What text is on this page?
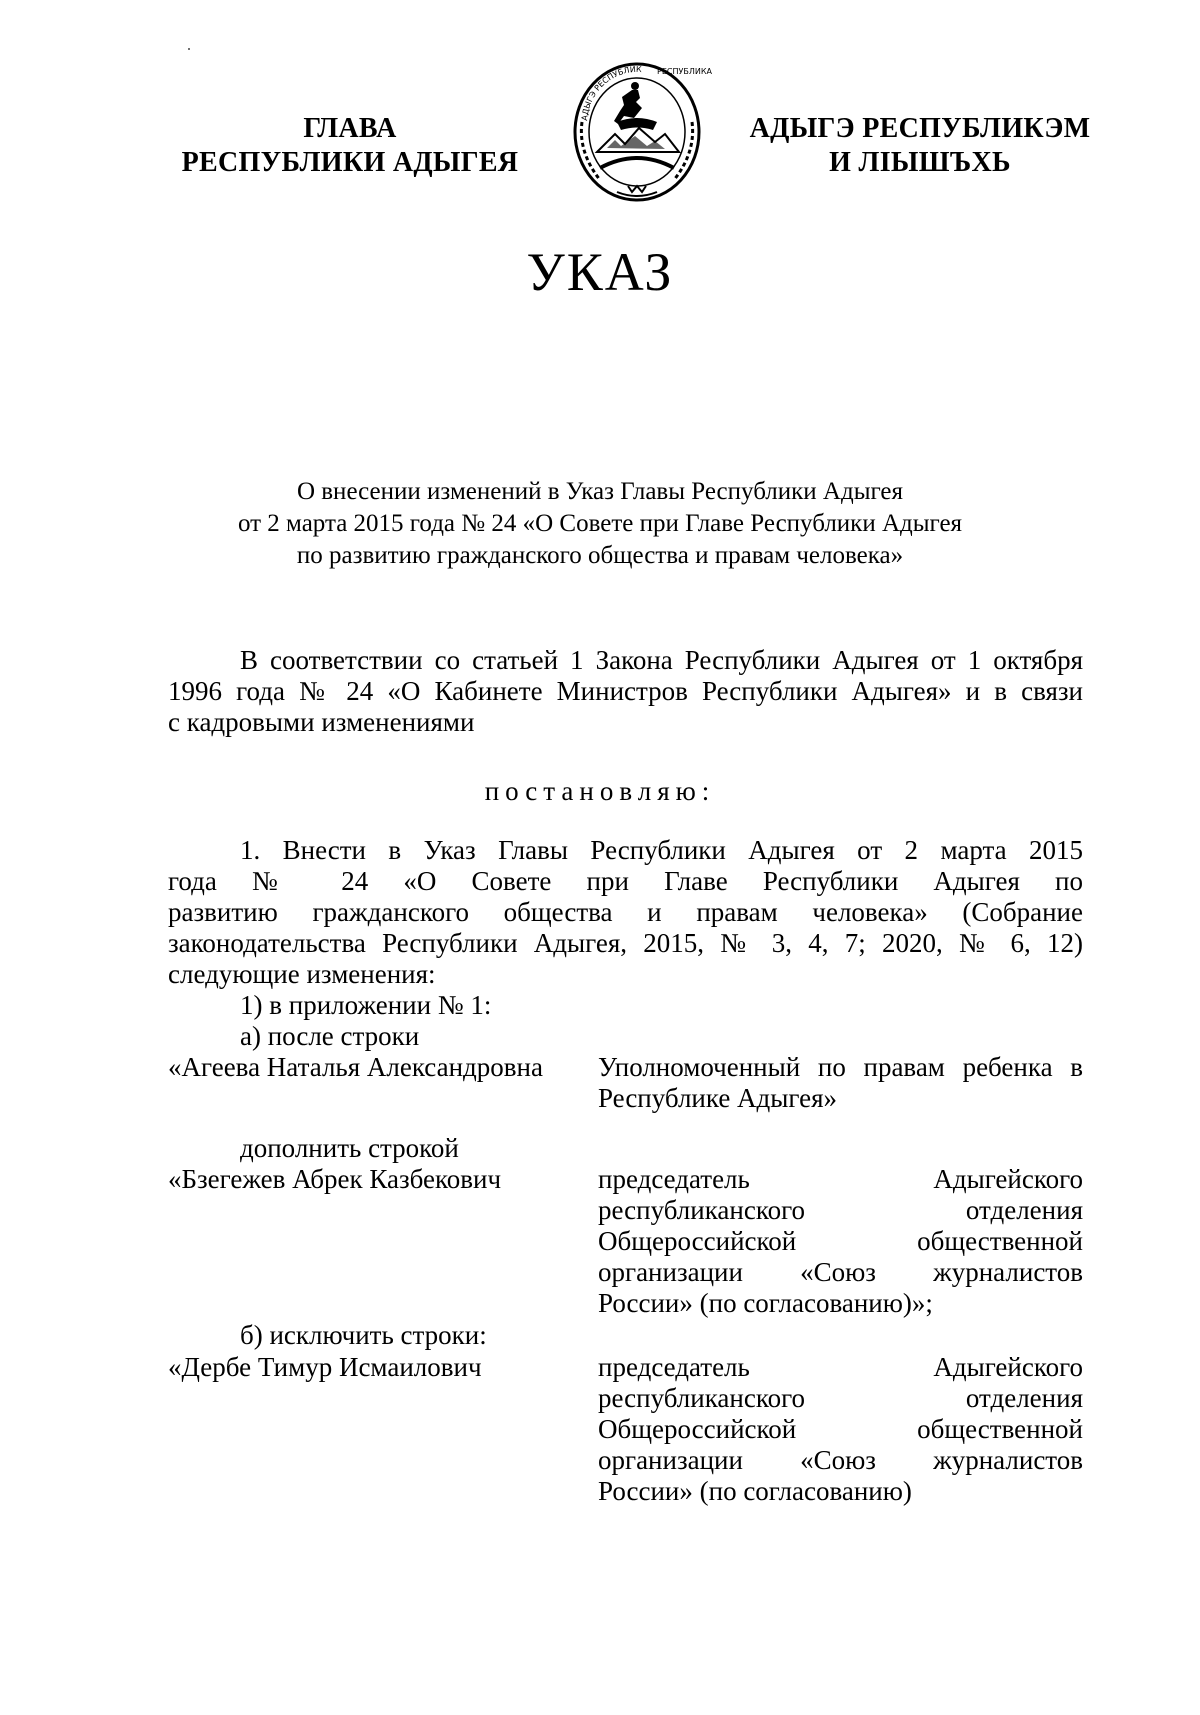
ГЛАВА
РЕСПУБЛИКИ АДЫГЕЯ
АДЫГЭ РЕСПУБЛИК РЕСПУБЛИКА
АДЫГЭ РЕСПУБЛИКЭМ
И ЛІЫШЪХЬ
УКАЗ
О внесении изменений в Указ Главы Республики Адыгея
от 2 марта 2015 года № 24 «О Совете при Главе Республики Адыгея
по развитию гражданского общества и правам человека»
В соответствии со статьей 1 Закона Республики Адыгея от 1 октября
1996 года № 24 «О Кабинете Министров Республики Адыгея» и в связи
с кадровыми изменениями
постановляю:
1. Внести в Указ Главы Республики Адыгея от 2 марта 2015
года № 24 «О Совете при Главе Республики Адыгея по
развитию гражданского общества и правам человека» (Собрание
законодательства Республики Адыгея, 2015, № 3, 4, 7; 2020, № 6, 12)
следующие изменения:
1) в приложении № 1:
а) после строки
«Агеева Наталья Александровна	Уполномоченный по правам ребенка в
Республике Адыгея»
дополнить строкой
«Бзегежев Абрек Казбекович	председатель Адыгейского
республиканского отделения
Общероссийской общественной
организации «Союз журналистов
России» (по согласованию)»;
б) исключить строки:
«Дербе Тимур Исмаилович	председатель Адыгейского
республиканского отделения
Общероссийской общественной
организации «Союз журналистов
России» (по согласованию)
